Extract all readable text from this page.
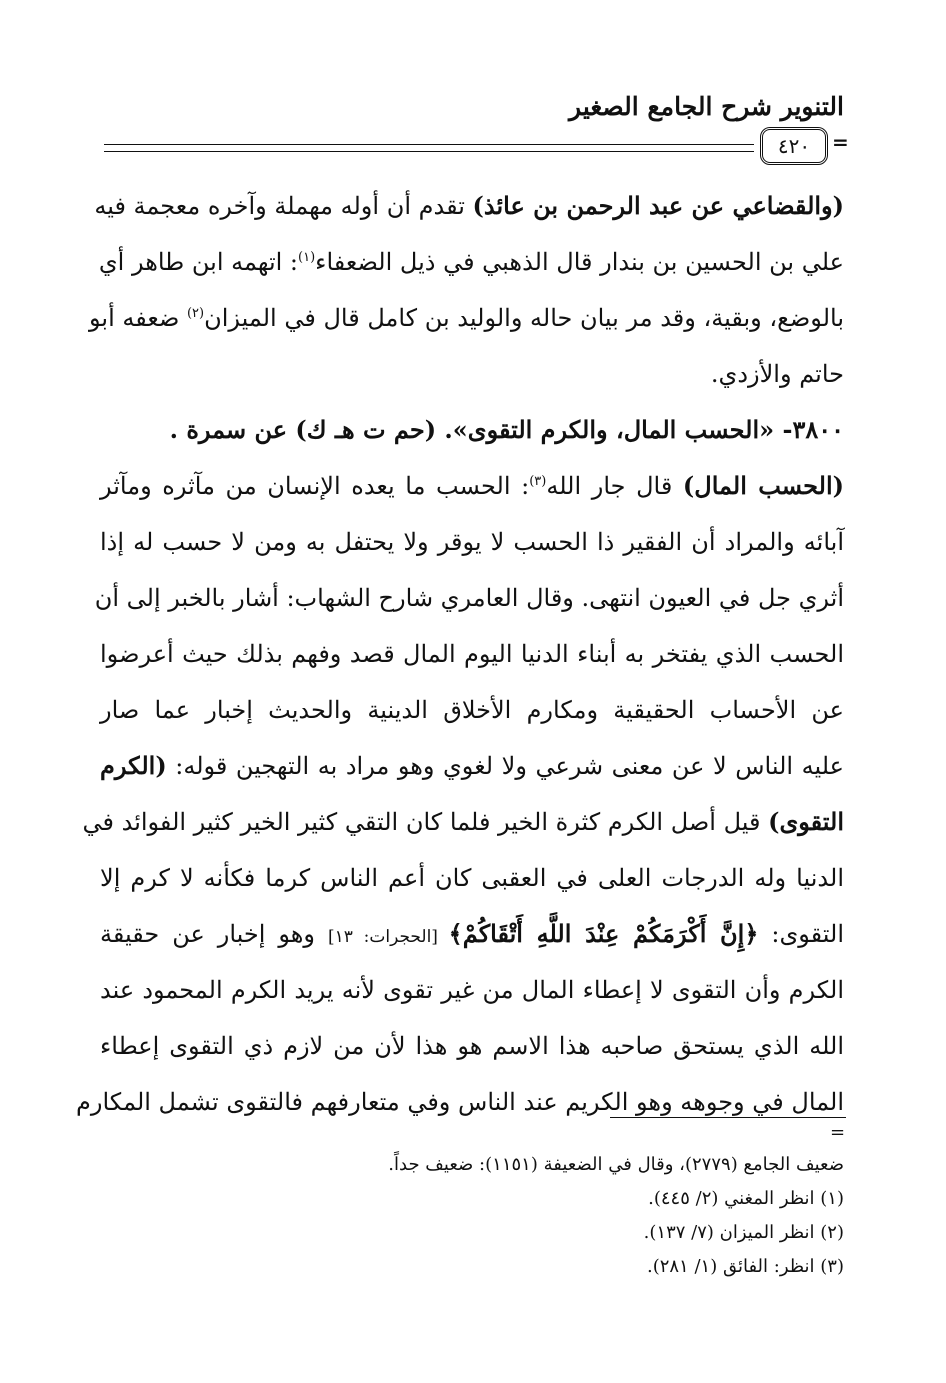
التنوير شرح الجامع الصغير
٤٢٠	=
(والقضاعي عن عبد الرحمن بن عائذ) تقدم أن أوله مهملة وآخره معجمة فيه
علي بن الحسين بن بندار قال الذهبي في ذيل الضعفاء$^{(١)}$: اتهمه ابن طاهر أي
بالوضع، وبقية، وقد مر بيان حاله والوليد بن كامل قال في الميزان$^{(٢)}$ ضعفه أبو
حاتم والأزدي.
٣٨٠٠- «الحسب المال، والكرم التقوى». (حم ت هـ ك) عن سمرة .
(الحسب المال) قال جار الله$^{(٣)}$: الحسب ما يعده الإنسان من مآثره ومآثر
آبائه والمراد أن الفقير ذا الحسب لا يوقر ولا يحتفل به ومن لا حسب له إذا
أثري جل في العيون انتهى. وقال العامري شارح الشهاب: أشار بالخبر إلى أن
الحسب الذي يفتخر به أبناء الدنيا اليوم المال قصد وفهم بذلك حيث أعرضوا
عن الأحساب الحقيقية ومكارم الأخلاق الدينية والحديث إخبار عما صار
عليه الناس لا عن معنى شرعي ولا لغوي وهو مراد به التهجين قوله: (الكرم
التقوى) قيل أصل الكرم كثرة الخير فلما كان التقي كثير الخير كثير الفوائد في
الدنيا وله الدرجات العلى في العقبى كان أعم الناس كرما فكأنه لا كرم إلا
التقوى: ﴿إِنَّ أَكْرَمَكُمْ عِنْدَ اللَّهِ أَتْقَاكُمْ﴾ [الحجرات: ١٣] وهو إخبار عن حقيقة
الكرم وأن التقوى لا إعطاء المال من غير تقوى لأنه يريد الكرم المحمود عند
الله الذي يستحق صاحبه هذا الاسم هو هذا لأن من لازم ذي التقوى إعطاء
المال في وجوهه وهو الكريم عند الناس وفي متعارفهم فالتقوى تشمل المكارم
=
ضعيف الجامع (٢٧٧٩)، وقال في الضعيفة (١١٥١): ضعيف جداً.
(١) انظر المغني (٢/ ٤٤٥).
(٢) انظر الميزان (٧/ ١٣٧).
(٣) انظر: الفائق (١/ ٢٨١).
